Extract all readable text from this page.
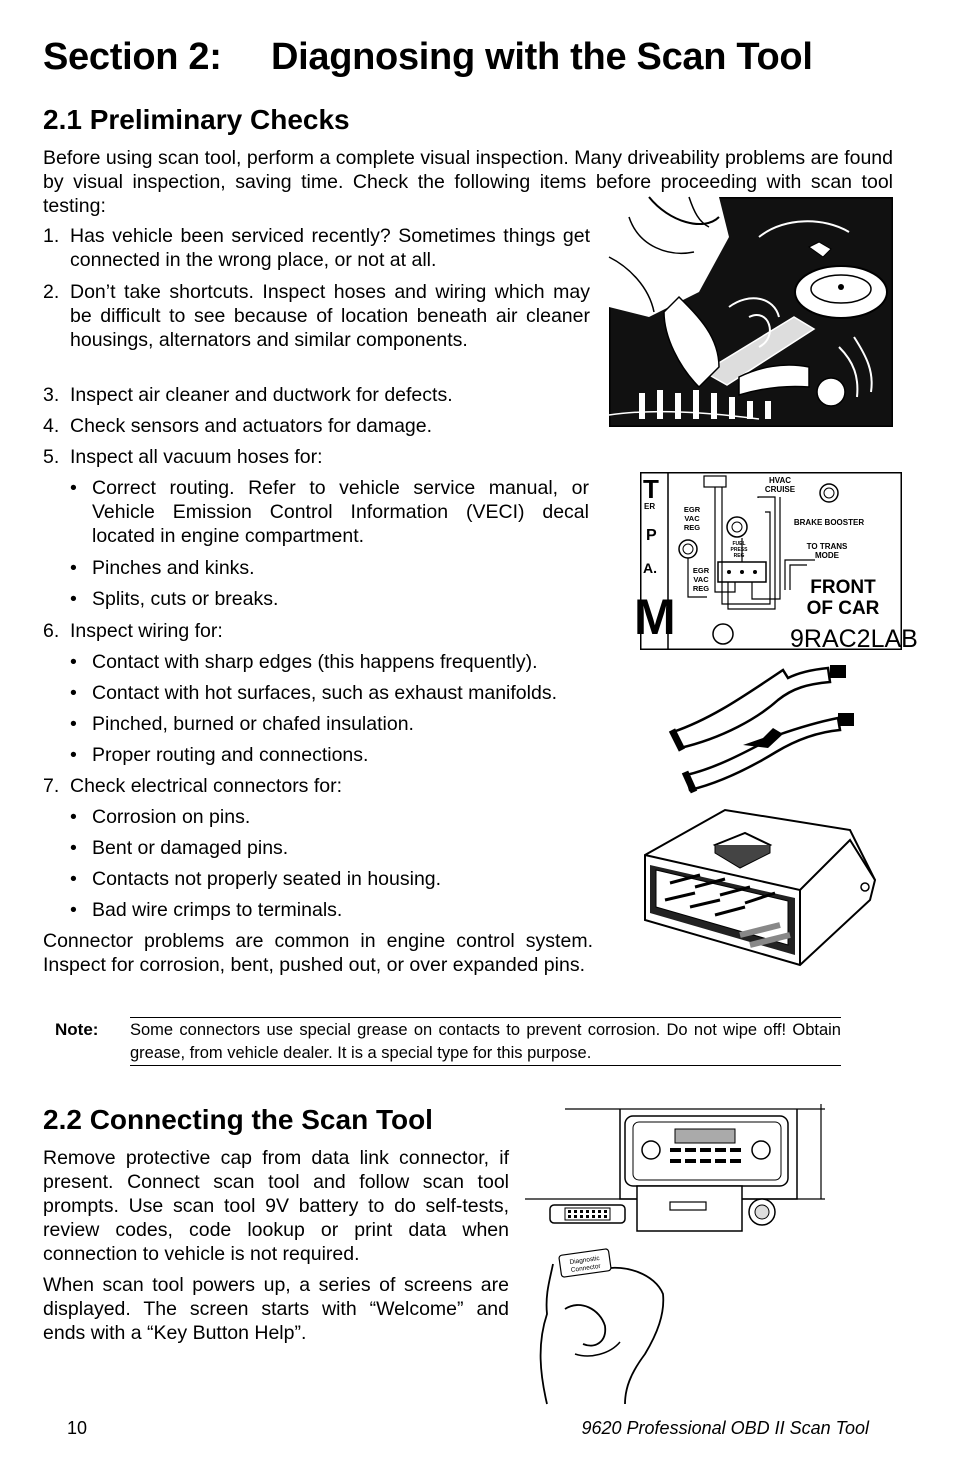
Section 2: Diagnosing with the Scan Tool
2.1 Preliminary Checks

Before using scan tool, perform a complete visual inspection. Many driveability problems are found by visual inspection, saving time. Check the following items before proceeding with scan tool testing:

1. Has vehicle been serviced recently? Sometimes things get connected in the wrong place, or not at all.
2. Don’t take shortcuts. Inspect hoses and wiring which may be difficult to see because of location beneath air cleaner housings, alternators and similar components.
3. Inspect air cleaner and ductwork for defects.
4. Check sensors and actuators for damage.
5. Inspect all vacuum hoses for:
• Correct routing. Refer to vehicle service manual, or Vehicle Emission Control Information (VECI) decal located in engine compartment.
• Pinches and kinks.
• Splits, cuts or breaks.
6. Inspect wiring for:
• Contact with sharp edges (this happens frequently).
• Contact with hot surfaces, such as exhaust manifolds.
• Pinched, burned or chafed insulation.
• Proper routing and connections.
7. Check electrical connectors for:
• Corrosion on pins.
• Bent or damaged pins.
• Contacts not properly seated in housing.
• Bad wire crimps to terminals.

Connector problems are common in engine control system. Inspect for corrosion, bent, pushed out, or over expanded pins.

Note: Some connectors use special grease on contacts to prevent corrosion. Do not wipe off! Obtain grease, from vehicle dealer. It is a special type for this purpose.
2.2 Connecting the Scan Tool

Remove protective cap from data link connector, if present. Connect scan tool and follow scan tool prompts. Use scan tool 9V battery to do self-tests, review codes, code lookup or print data when connection to vehicle is not required.

When scan tool powers up, a series of screens are displayed. The screen starts with “Welcome” and ends with a “Key Button Help”.

T
ER
P
A.
M
HVAC
CRUISE
BRAKE BOOSTER
EGR
VAC
REG
FUEL
PRESS
REG
TO TRANS
MODE
EGR
VAC
REG	FRONT
OF CAR
9RAC2LAB
Diagnostic
Connector
10	9620 Professional OBD II Scan Tool
